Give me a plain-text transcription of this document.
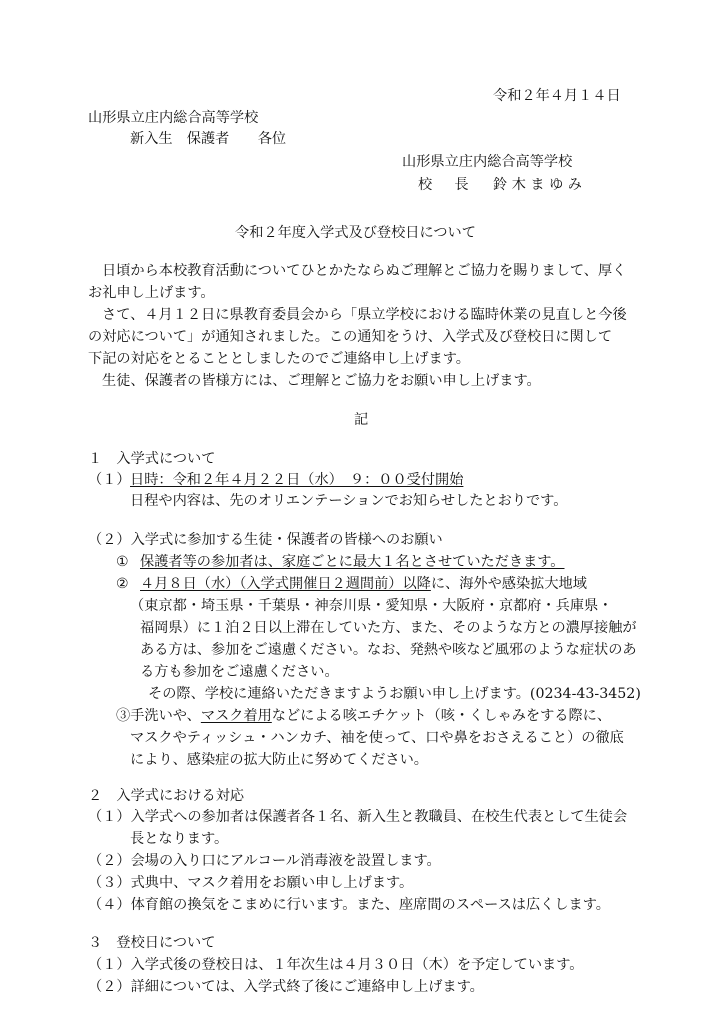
令和２年４月１４日
山形県立庄内総合高等学校
新入生　保護者　　各位
山形県立庄内総合高等学校
校　長 鈴 木 ま ゆ み
令和２年度入学式及び登校日について
日頃から本校教育活動についてひとかたならぬご理解とご協力を賜りまして、厚く
お礼申し上げます。
さて、４月１２日に県教育委員会から「県立学校における臨時休業の見直しと今後
の対応について」が通知されました。この通知をうけ、入学式及び登校日に関して
下記の対応をとることとしましたのでご連絡申し上げます。
生徒、保護者の皆様方には、ご理解とご協力をお願い申し上げます。
記
１　入学式について
（１） 日時：令和２年４月２２日（水）　９：００受付開始
日程や内容は、先のオリエンテーションでお知らせしたとおりです。
（２）入学式に参加する生徒・保護者の皆様へのお願い
① 保護者等の参加者は、家庭ごとに最大１名とさせていただきます。
② ４月８日（水）（入学式開催日２週間前）以降に、海外や感染拡大地域
（東京都・埼玉県・千葉県・神奈川県・愛知県・大阪府・京都府・兵庫県・
福岡県）に１泊２日以上滞在していた方、また、そのような方との濃厚接触が
ある方は、参加をご遠慮ください。なお、発熱や咳など風邪のような症状のあ
る方も参加をご遠慮ください。
その際、学校に連絡いただきますようお願い申し上げます。(0234-43-3452)
③手洗いや、マスク着用などによる咳エチケット（咳・くしゃみをする際に、
マスクやティッシュ・ハンカチ、袖を使って、口や鼻をおさえること）の徹底
により、感染症の拡大防止に努めてください。
２　入学式における対応
（１）入学式への参加者は保護者各１名、新入生と教職員、在校生代表として生徒会
長となります。
（２）会場の入り口にアルコール消毒液を設置します。
（３）式典中、マスク着用をお願い申し上げます。
（４）体育館の換気をこまめに行います。また、座席間のスペースは広くします。
３　登校日について
（１）入学式後の登校日は、１年次生は４月３０日（木）を予定しています。
（２）詳細については、入学式終了後にご連絡申し上げます。
